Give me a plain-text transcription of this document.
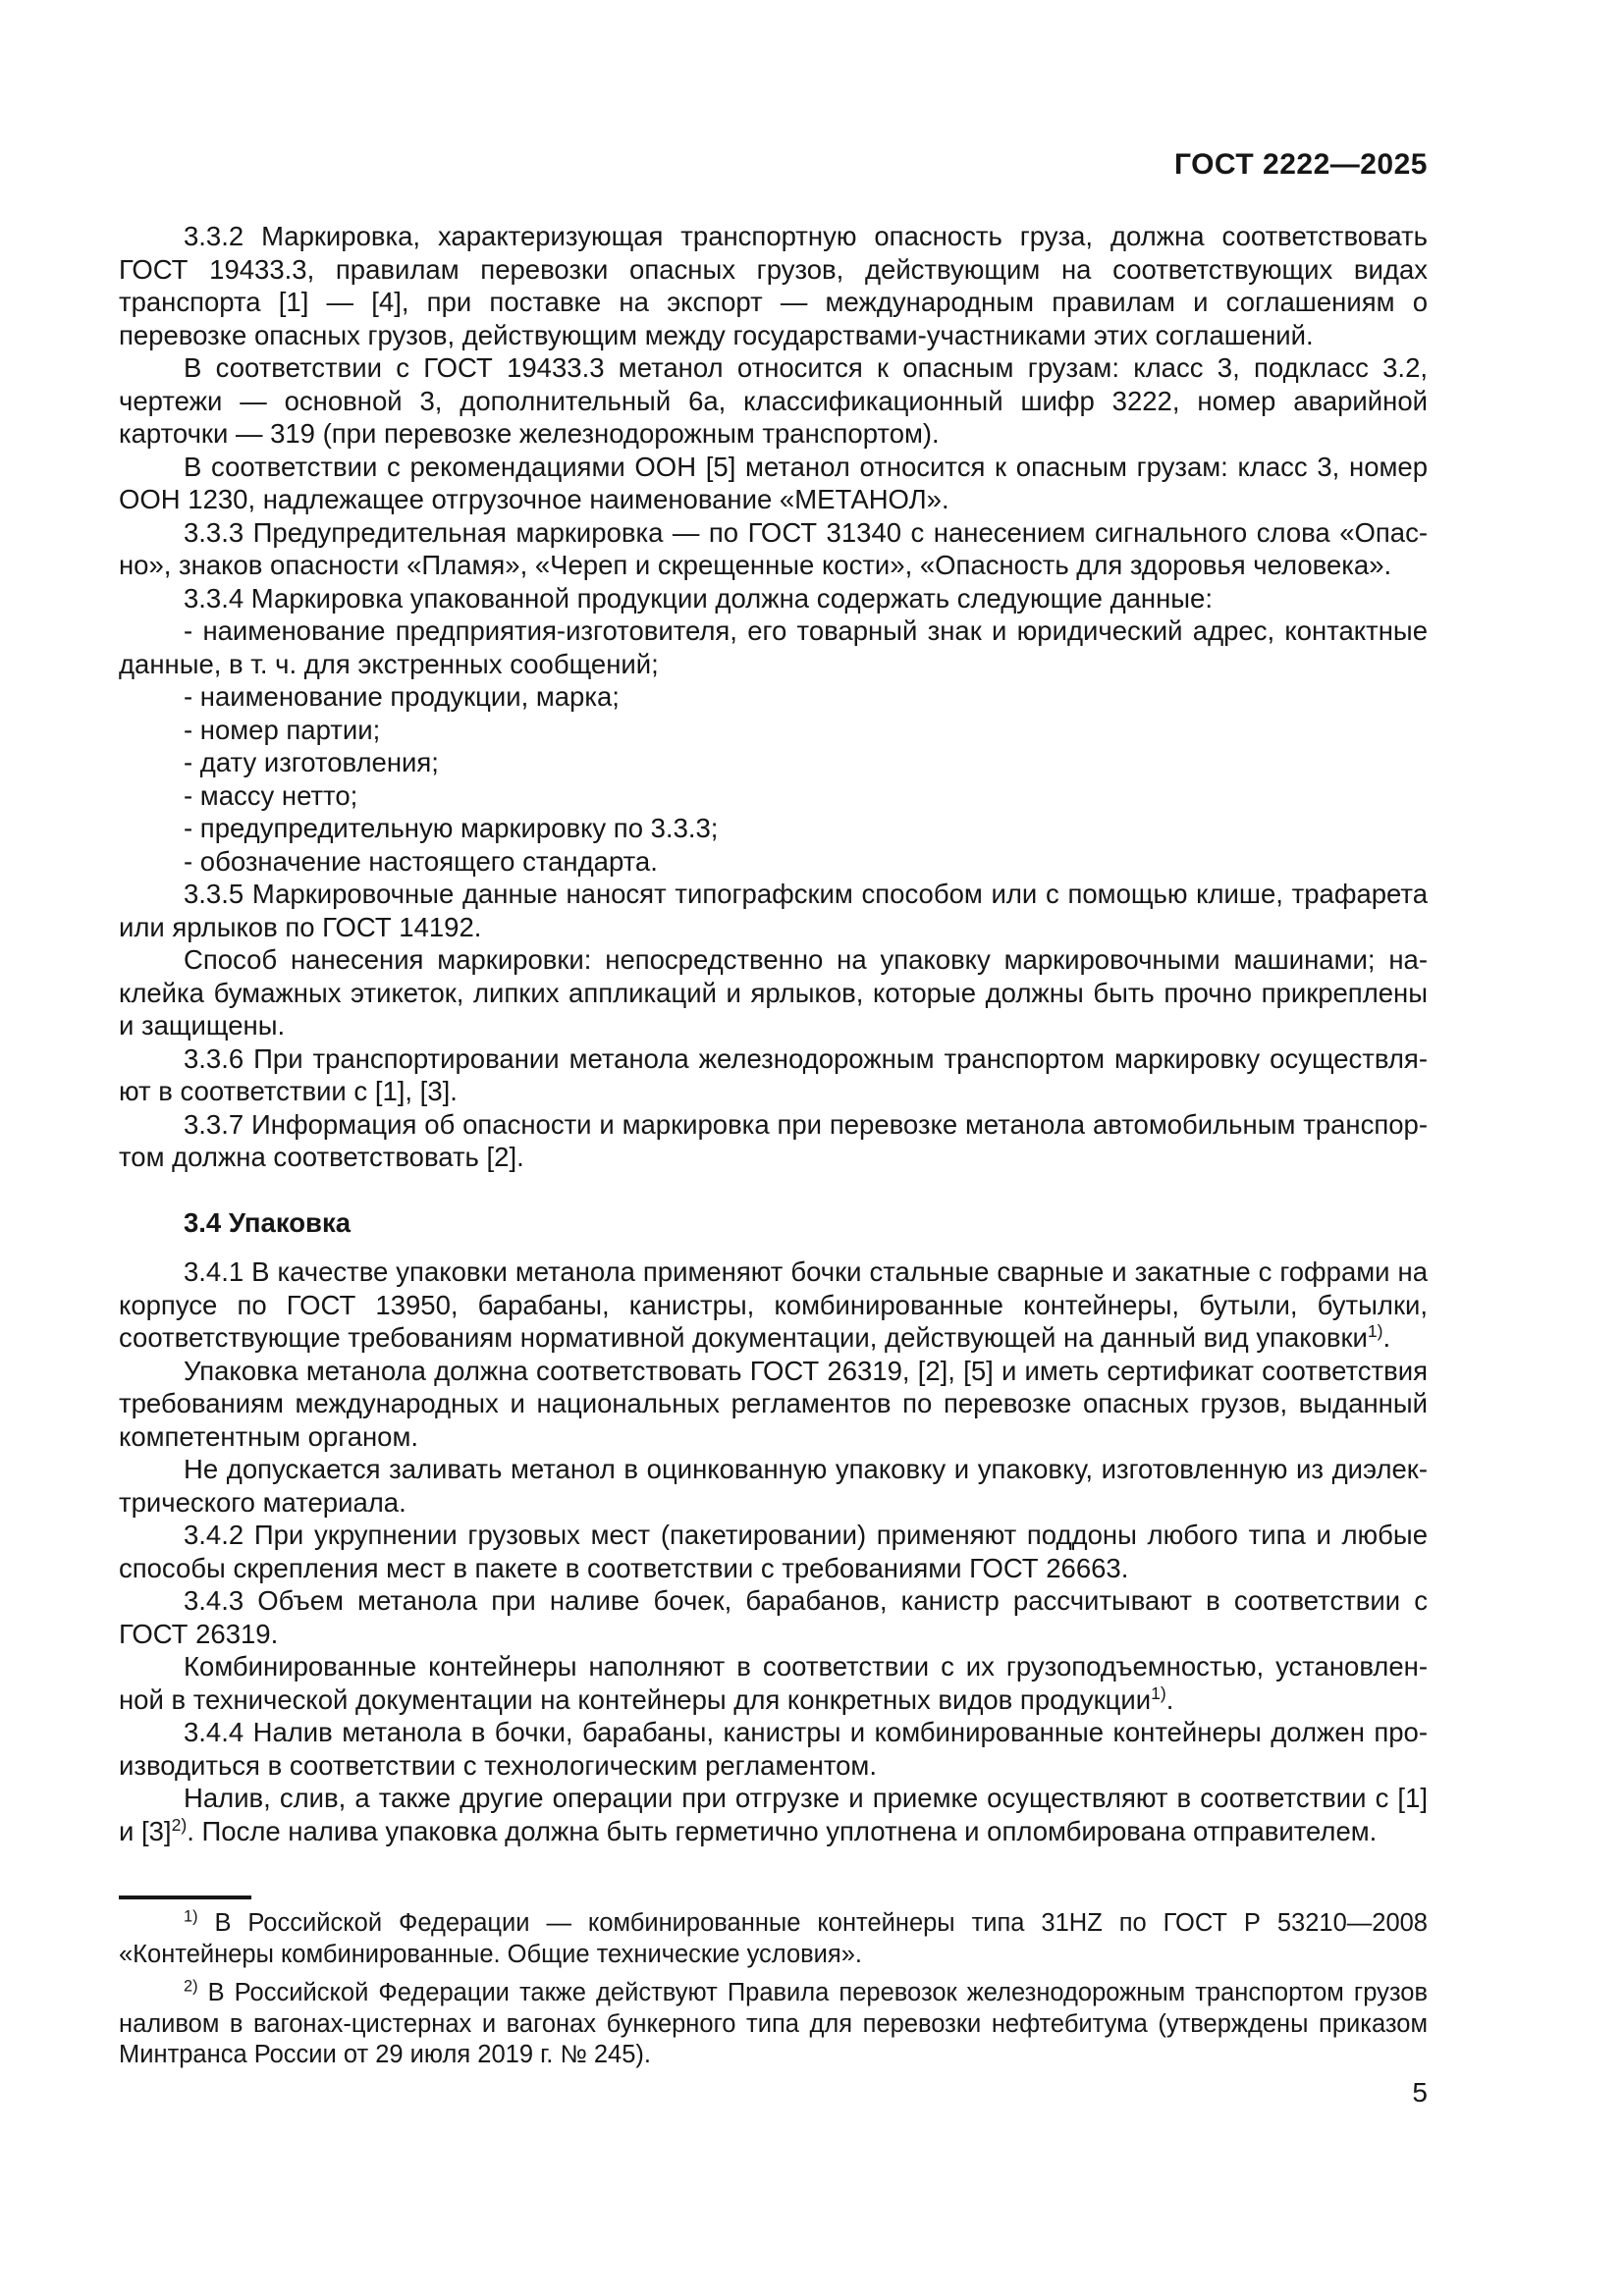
ГОСТ 2222—2025
3.3.2 Маркировка, характеризующая транспортную опасность груза, должна соответствовать ГОСТ 19433.3, правилам перевозки опасных грузов, действующим на соответствующих видах транспорта [1] — [4], при поставке на экспорт — международным правилам и соглашениям о перевозке опасных грузов, действующим между государствами-участниками этих соглашений.
В соответствии с ГОСТ 19433.3 метанол относится к опасным грузам: класс 3, подкласс 3.2, чертежи — основной 3, дополнительный 6а, классификационный шифр 3222, номер аварийной карточки — 319 (при перевозке железнодорожным транспортом).
В соответствии с рекомендациями ООН [5] метанол относится к опасным грузам: класс 3, номер ООН 1230, надлежащее отгрузочное наименование «МЕТАНОЛ».
3.3.3 Предупредительная маркировка — по ГОСТ 31340 с нанесением сигнального слова «Опасно», знаков опасности «Пламя», «Череп и скрещенные кости», «Опасность для здоровья человека».
3.3.4 Маркировка упакованной продукции должна содержать следующие данные:
- наименование предприятия-изготовителя, его товарный знак и юридический адрес, контактные данные, в т. ч. для экстренных сообщений;
- наименование продукции, марка;
- номер партии;
- дату изготовления;
- массу нетто;
- предупредительную маркировку по 3.3.3;
- обозначение настоящего стандарта.
3.3.5 Маркировочные данные наносят типографским способом или с помощью клише, трафарета или ярлыков по ГОСТ 14192.
Способ нанесения маркировки: непосредственно на упаковку маркировочными машинами; наклейка бумажных этикеток, липких аппликаций и ярлыков, которые должны быть прочно прикреплены и защищены.
3.3.6 При транспортировании метанола железнодорожным транспортом маркировку осуществляют в соответствии с [1], [3].
3.3.7 Информация об опасности и маркировка при перевозке метанола автомобильным транспортом должна соответствовать [2].
3.4 Упаковка
3.4.1 В качестве упаковки метанола применяют бочки стальные сварные и закатные с гофрами на корпусе по ГОСТ 13950, барабаны, канистры, комбинированные контейнеры, бутыли, бутылки, соответствующие требованиям нормативной документации, действующей на данный вид упаковки$^{1)}$.
Упаковка метанола должна соответствовать ГОСТ 26319, [2], [5] и иметь сертификат соответствия требованиям международных и национальных регламентов по перевозке опасных грузов, выданный компетентным органом.
Не допускается заливать метанол в оцинкованную упаковку и упаковку, изготовленную из диэлектрического материала.
3.4.2 При укрупнении грузовых мест (пакетировании) применяют поддоны любого типа и любые способы скрепления мест в пакете в соответствии с требованиями ГОСТ 26663.
3.4.3 Объем метанола при наливе бочек, барабанов, канистр рассчитывают в соответствии с ГОСТ 26319.
Комбинированные контейнеры наполняют в соответствии с их грузоподъемностью, установленной в технической документации на контейнеры для конкретных видов продукции$^{1)}$.
3.4.4 Налив метанола в бочки, барабаны, канистры и комбинированные контейнеры должен производиться в соответствии с технологическим регламентом.
Налив, слив, а также другие операции при отгрузке и приемке осуществляют в соответствии с [1] и $[3]^{2)}$. После налива упаковка должна быть герметично уплотнена и опломбирована отправителем.
$^{1)}$ В Российской Федерации — комбинированные контейнеры типа 31HZ по ГОСТ Р 53210—2008 «Контейнеры комбинированные. Общие технические условия».
$^{2)}$ В Российской Федерации также действуют Правила перевозок железнодорожным транспортом грузов наливом в вагонах-цистернах и вагонах бункерного типа для перевозки нефтебитума (утверждены приказом Минтранса России от 29 июля 2019 г. № 245).
5
